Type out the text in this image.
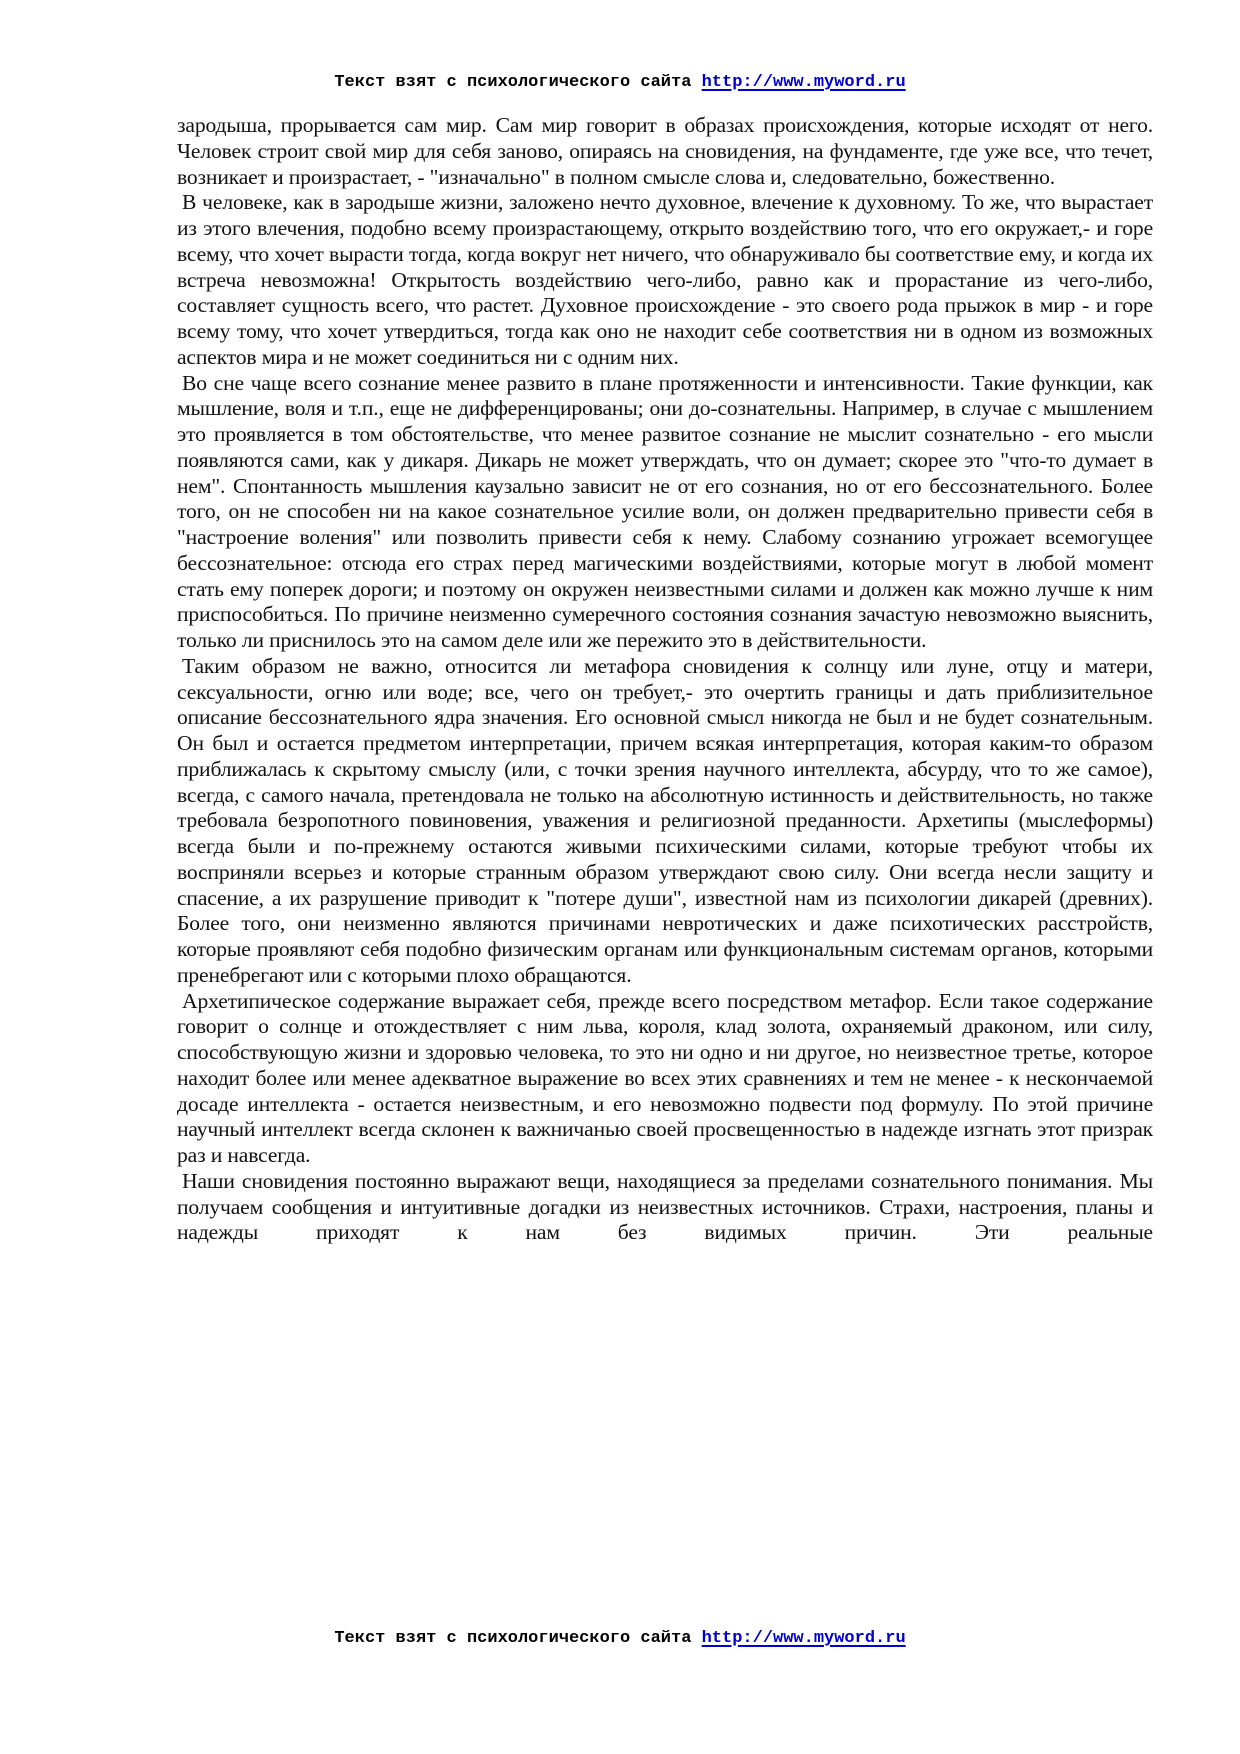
Текст взят с психологического сайта http://www.myword.ru

зародыша, прорывается сам мир. Сам мир говорит в образах происхождения, которые исходят от него. Человек строит свой мир для себя заново, опираясь на сновидения, на фундаменте, где уже все, что течет, возникает и произрастает, - "изначально" в полном смысле слова и, следовательно, божественно.

В человеке, как в зародыше жизни, заложено нечто духовное, влечение к духовному. То же, что вырастает из этого влечения, подобно всему произрастающему, открыто воздействию того, что его окружает,- и горе всему, что хочет вырасти тогда, когда вокруг нет ничего, что обнаруживало бы соответствие ему, и когда их встреча невозможна! Открытость воздействию чего-либо, равно как и прорастание из чего-либо, составляет сущность всего, что растет. Духовное происхождение - это своего рода прыжок в мир - и горе всему тому, что хочет утвердиться, тогда как оно не находит себе соответствия ни в одном из возможных аспектов мира и не может соединиться ни с одним них.

Во сне чаще всего сознание менее развито в плане протяженности и интенсивности. Такие функции, как мышление, воля и т.п., еще не дифференцированы; они до-сознательны. Например, в случае с мышлением это проявляется в том обстоятельстве, что менее развитое сознание не мыслит сознательно - его мысли появляются сами, как у дикаря. Дикарь не может утверждать, что он думает; скорее это "что-то думает в нем". Спонтанность мышления каузально зависит не от его сознания, но от его бессознательного. Более того, он не способен ни на какое сознательное усилие воли, он должен предварительно привести себя в "настроение воления" или позволить привести себя к нему. Слабому сознанию угрожает всемогущее бессознательное: отсюда его страх перед магическими воздействиями, которые могут в любой момент стать ему поперек дороги; и поэтому он окружен неизвестными силами и должен как можно лучше к ним приспособиться. По причине неизменно сумеречного состояния сознания зачастую невозможно выяснить, только ли приснилось это на самом деле или же пережито это в действительности.

Таким образом не важно, относится ли метафора сновидения к солнцу или луне, отцу и матери, сексуальности, огню или воде; все, чего он требует,- это очертить границы и дать приблизительное описание бессознательного ядра значения. Его основной смысл никогда не был и не будет сознательным. Он был и остается предметом интерпретации, причем всякая интерпретация, которая каким-то образом приближалась к скрытому смыслу (или, с точки зрения научного интеллекта, абсурду, что то же самое), всегда, с самого начала, претендовала не только на абсолютную истинность и действительность, но также требовала безропотного повиновения, уважения и религиозной преданности. Архетипы (мыслеформы) всегда были и по-прежнему остаются живыми психическими силами, которые требуют чтобы их восприняли всерьез и которые странным образом утверждают свою силу. Они всегда несли защиту и спасение, а их разрушение приводит к "потере души", известной нам из психологии дикарей (древних). Более того, они неизменно являются причинами невротических и даже психотических расстройств, которые проявляют себя подобно физическим органам или функциональным системам органов, которыми пренебрегают или с которыми плохо обращаются.

Архетипическое содержание выражает себя, прежде всего посредством метафор. Если такое содержание говорит о солнце и отождествляет с ним льва, короля, клад золота, охраняемый драконом, или силу, способствующую жизни и здоровью человека, то это ни одно и ни другое, но неизвестное третье, которое находит более или менее адекватное выражение во всех этих сравнениях и тем не менее - к нескончаемой досаде интеллекта - остается неизвестным, и его невозможно подвести под формулу. По этой причине научный интеллект всегда склонен к важничанью своей просвещенностью в надежде изгнать этот призрак раз и навсегда.

Наши сновидения постоянно выражают вещи, находящиеся за пределами сознательного понимания. Мы получаем сообщения и интуитивные догадки из неизвестных источников. Страхи, настроения, планы и надежды приходят к нам без видимых причин. Эти реальные

Текст взят с психологического сайта http://www.myword.ru
